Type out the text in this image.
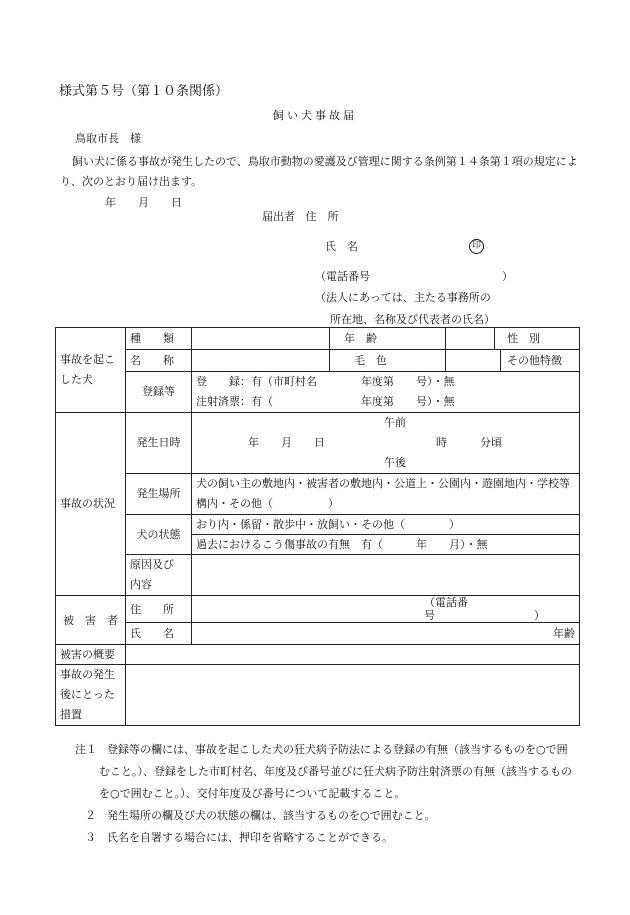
様式第５号（第１０条関係）
飼い犬事故届
鳥取市長　様
飼い犬に係る事故が発生したので、鳥取市動物の愛護及び管理に関する条例第１４条第１項の規定により、次のとおり届け出ます。
年　　月　　日
届出者 住　所
氏　名	印
（電話番号　　　　　　　　　　　　）
（法人にあっては、主たる事務所の
所在地、名称及び代表者の氏名）
事故を起こした犬	種　　類		年　齢	性　別

	名　　称		毛　色	その他特徴

	登録等	登　　録：有（市町村名　　　　年度第　　号）・無
注射済票：有（　　　　　　　　年度第　　号）・無		

事故の状況	発生日時	午前
年　　月　　日 時　　　分頃
午後		

	発生場所	犬の飼い主の敷地内・被害者の敷地内・公道上・公園内・遊園地内・学校等
構内・その他（　　　　　）		

	犬の状態	おり内・係留・散歩中・放飼い・その他（　　　　）		
		過去におけるこう傷事故の有無　有（　　　年　　月）・無		

	原因及び
内容			

被　害　者	住　　所	（電話番号　　　　　　　　　）		
	氏　　名	年齢		
被害の概要				

事故の発生
後にとった
措置				

注１ 登録等の欄には、事故を起こした犬の狂犬病予防法による登録の有無（該当するものを○で囲
むこと。）、登録をした市町村名、年度及び番号並びに狂犬病予防注射済票の有無（該当するもの
を○で囲むこと。）、交付年度及び番号について記載すること。
２	発生場所の欄及び犬の状態の欄は、該当するものを○で囲むこと。
３	氏名を自署する場合には、押印を省略することができる。
